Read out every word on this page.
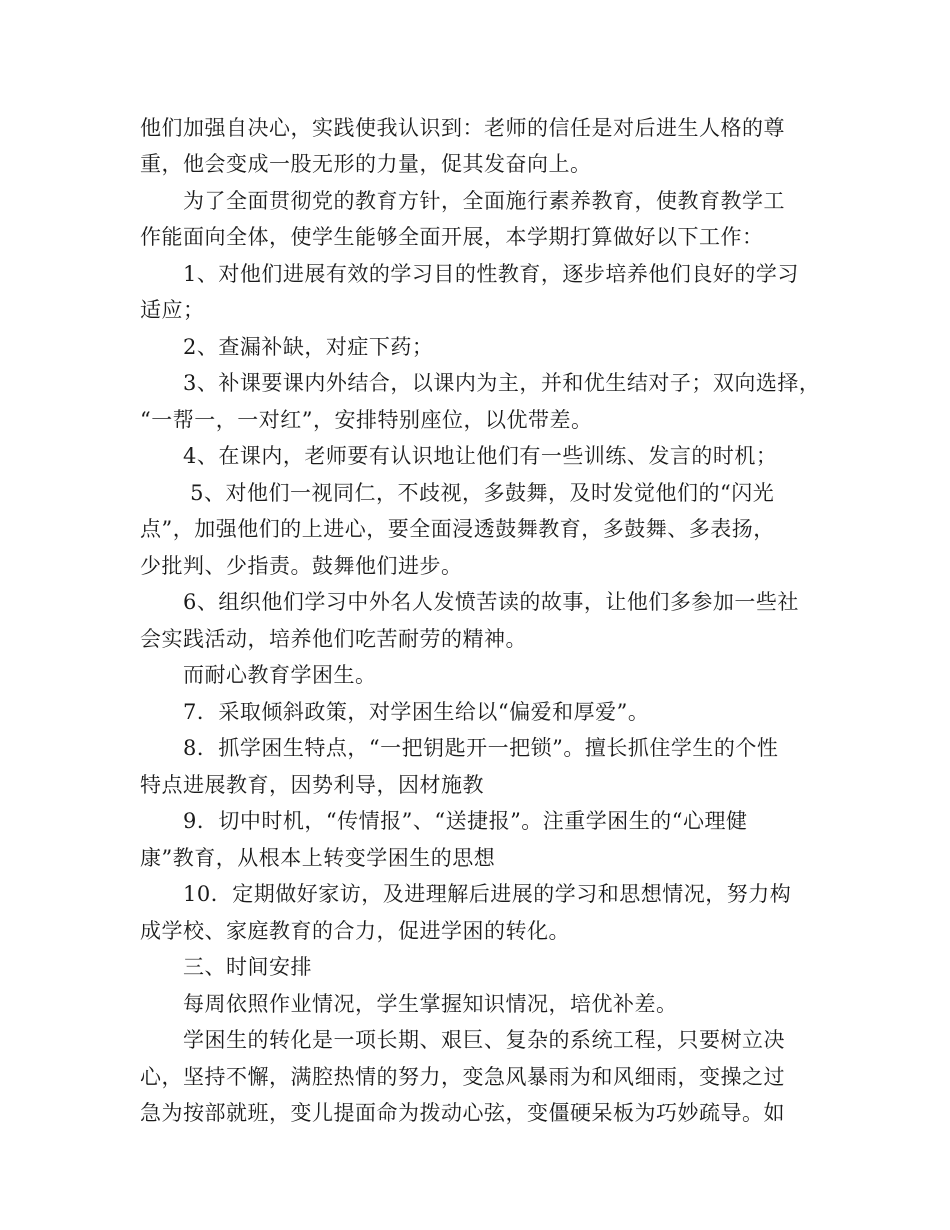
他们加强自决心，实践使我认识到：老师的信任是对后进生人格的尊
重，他会变成一股无形的力量，促其发奋向上。
　　为了全面贯彻党的教育方针，全面施行素养教育，使教育教学工
作能面向全体，使学生能够全面开展，本学期打算做好以下工作：
　　1、对他们进展有效的学习目的性教育，逐步培养他们良好的学习
适应；
　　2、查漏补缺，对症下药；
　　3、补课要课内外结合，以课内为主，并和优生结对子；双向选择，
“一帮一，一对红”，安排特别座位，以优带差。
　　4、在课内，老师要有认识地让他们有一些训练、发言的时机；
　　 5、对他们一视同仁，不歧视，多鼓舞，及时发觉他们的“闪光
点”，加强他们的上进心，要全面浸透鼓舞教育，多鼓舞、多表扬，
少批判、少指责。鼓舞他们进步。
　　6、组织他们学习中外名人发愤苦读的故事，让他们多参加一些社
会实践活动，培养他们吃苦耐劳的精神。
　　而耐心教育学困生。
　　7．采取倾斜政策，对学困生给以“偏爱和厚爱”。
　　8．抓学困生特点，“一把钥匙开一把锁”。擅长抓住学生的个性
特点进展教育，因势利导，因材施教
　　9．切中时机，“传情报”、“送捷报”。注重学困生的“心理健
康”教育，从根本上转变学困生的思想
　　10．定期做好家访，及进理解后进展的学习和思想情况，努力构
成学校、家庭教育的合力，促进学困的转化。
　　三、时间安排
　　每周依照作业情况，学生掌握知识情况，培优补差。
　　学困生的转化是一项长期、艰巨、复杂的系统工程，只要树立决
心，坚持不懈，满腔热情的努力，变急风暴雨为和风细雨，变操之过
急为按部就班，变儿提面命为拨动心弦，变僵硬呆板为巧妙疏导。如
